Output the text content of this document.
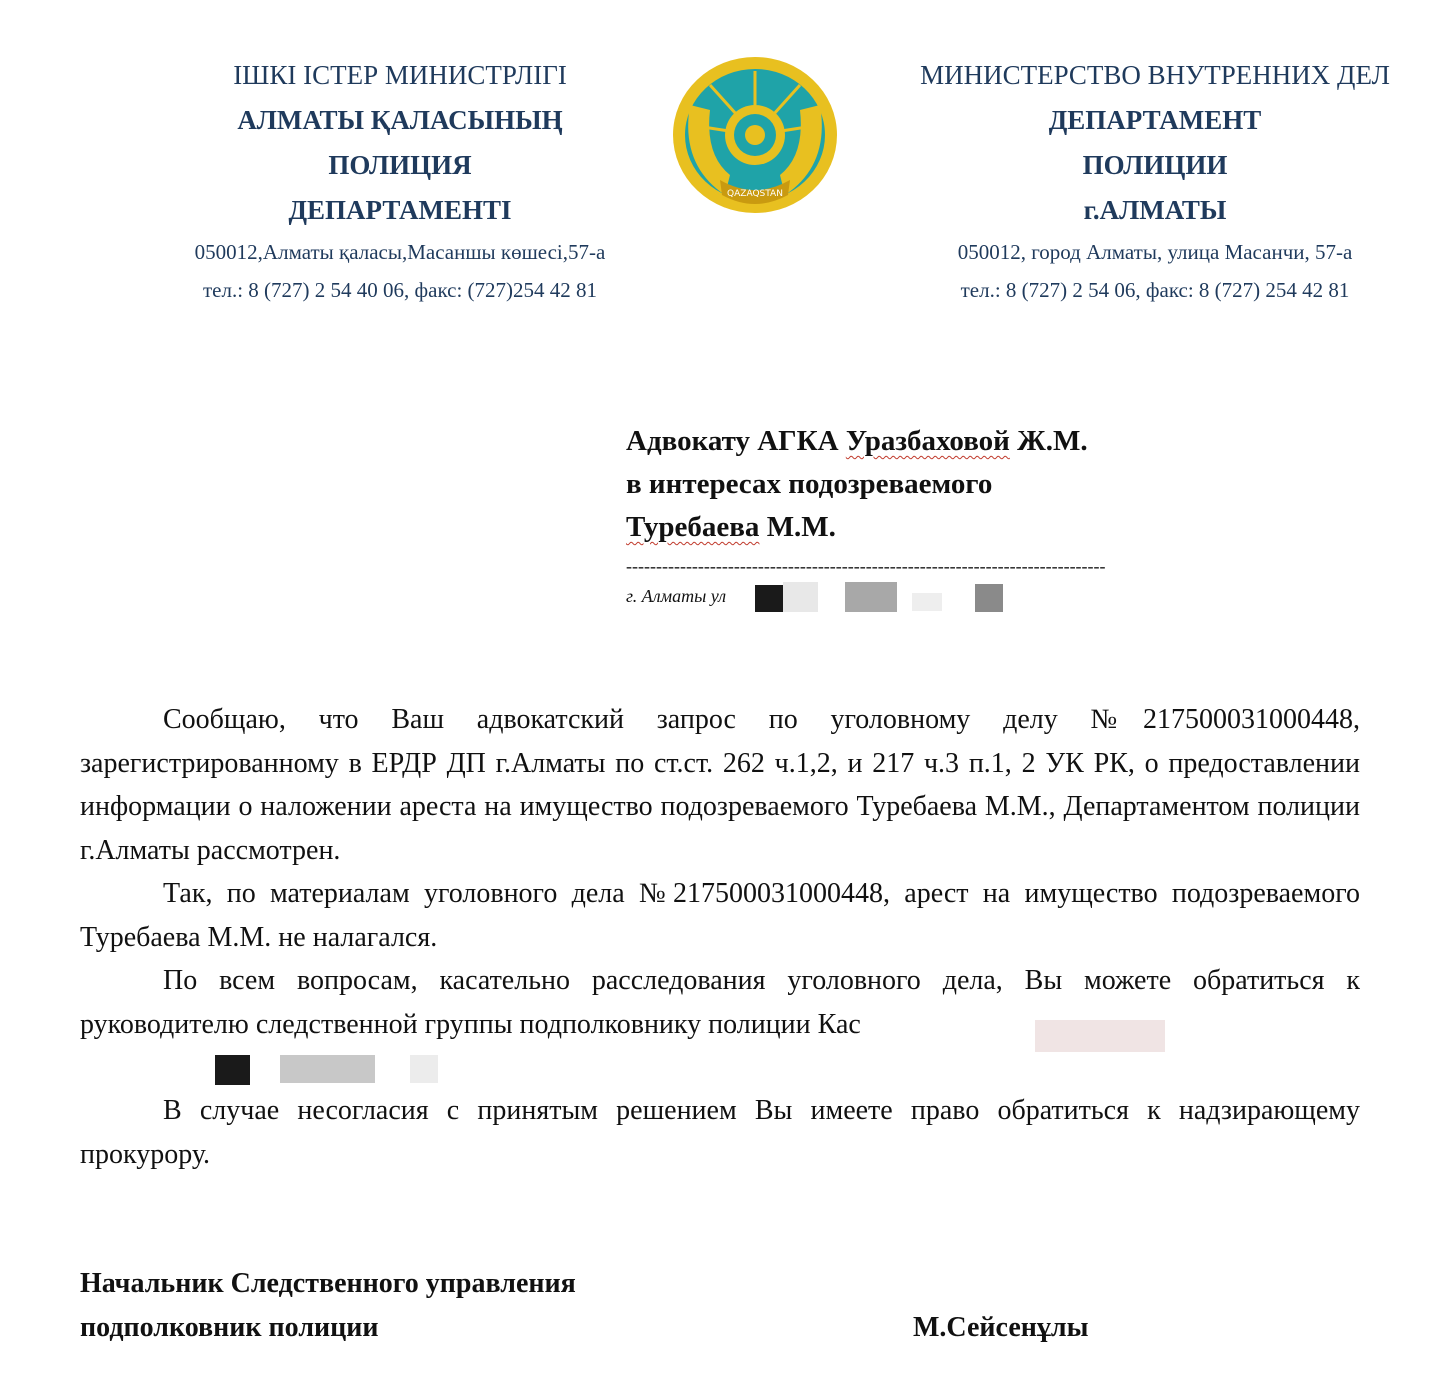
ІШКІ ІСТЕР МИНИСТРЛІГІ
АЛМАТЫ ҚАЛАСЫНЫҢ
ПОЛИЦИЯ
ДЕПАРТАМЕНТІ
050012,Алматы қаласы,Масаншы көшесі,57-а
тел.: 8 (727) 2 54 40 06, факс: (727)254 42 81
QAZAQSTAN
МИНИСТЕРСТВО ВНУТРЕННИХ ДЕЛ
ДЕПАРТАМЕНТ
ПОЛИЦИИ
г.АЛМАТЫ
050012, город Алматы, улица Масанчи, 57-а
тел.: 8 (727) 2 54 06, факс: 8 (727) 254 42 81
Адвокату АГКА Уразбаховой Ж.М.
в интересах подозреваемого
Туребаева М.М.
--------------------------------------------------------------------------------
г. Алматы ул

Сообщаю, что Ваш адвокатский запрос по уголовному делу №217500031000448, зарегистрированному в ЕРДР ДП г.Алматы по ст.ст. 262 ч.1,2, и 217 ч.3 п.1, 2 УК РК, о предоставлении информации о наложении ареста на имущество подозреваемого Туребаева М.М., Департаментом полиции г.Алматы рассмотрен.

Так, по материалам уголовного дела №217500031000448, арест на имущество подозреваемого Туребаева М.М. не налагался.

По всем вопросам, касательно расследования уголовного дела, Вы можете обратиться к руководителю следственной группы подполковнику полиции Кас

В случае несогласия с принятым решением Вы имеете право обратиться к надзирающему прокурору.

Начальник Следственного управления
подполковник полиции	М.Сейсенұлы
